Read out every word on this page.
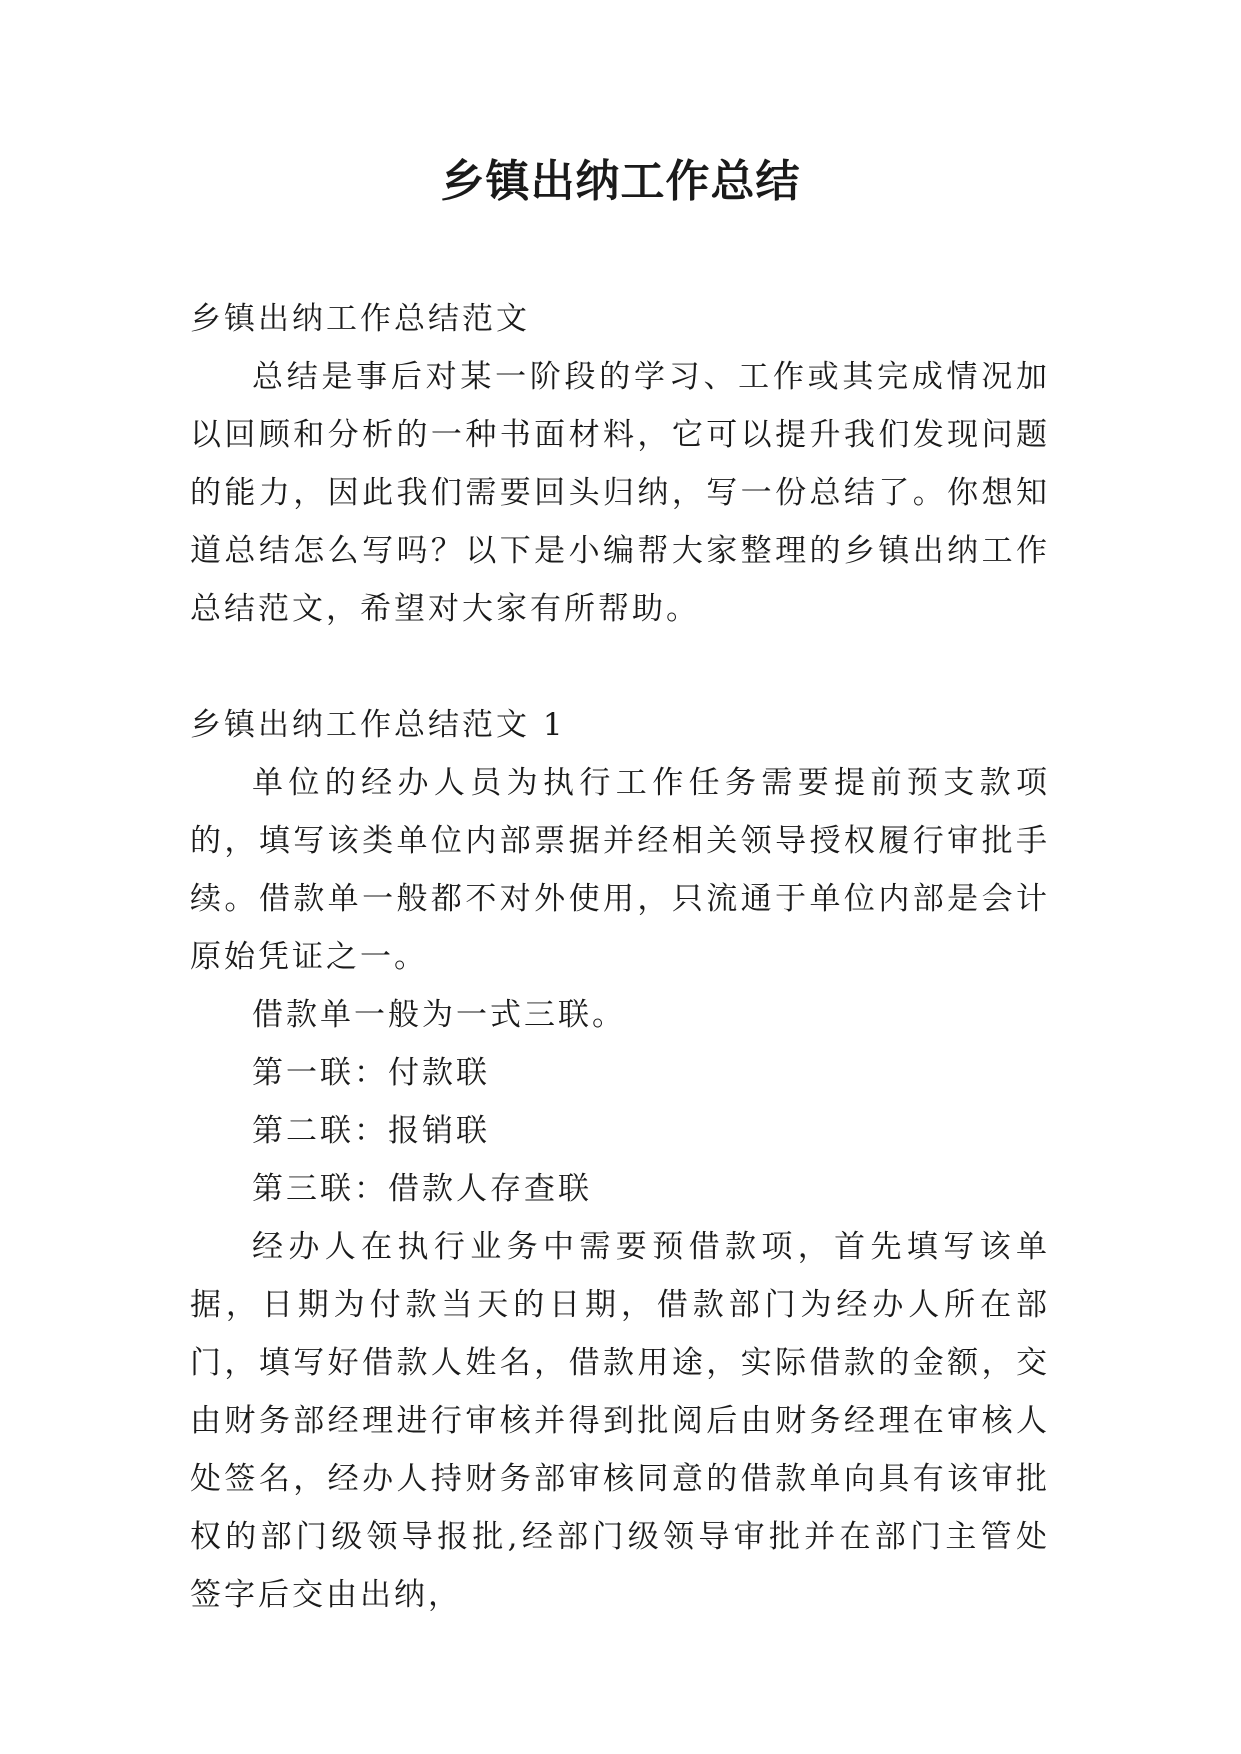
乡镇出纳工作总结

乡镇出纳工作总结范文

总结是事后对某一阶段的学习、工作或其完成情况加以回顾和分析的一种书面材料，它可以提升我们发现问题的能力，因此我们需要回头归纳，写一份总结了。你想知道总结怎么写吗？以下是小编帮大家整理的乡镇出纳工作总结范文，希望对大家有所帮助。

乡镇出纳工作总结范文 1

单位的经办人员为执行工作任务需要提前预支款项的，填写该类单位内部票据并经相关领导授权履行审批手续。借款单一般都不对外使用，只流通于单位内部是会计原始凭证之一。

借款单一般为一式三联。

第一联：付款联

第二联：报销联

第三联：借款人存查联

经办人在执行业务中需要预借款项，首先填写该单据，日期为付款当天的日期，借款部门为经办人所在部门，填写好借款人姓名，借款用途，实际借款的金额，交由财务部经理进行审核并得到批阅后由财务经理在审核人处签名，经办人持财务部审核同意的借款单向具有该审批权的部门级领导报批,经部门级领导审批并在部门主管处签字后交由出纳，
